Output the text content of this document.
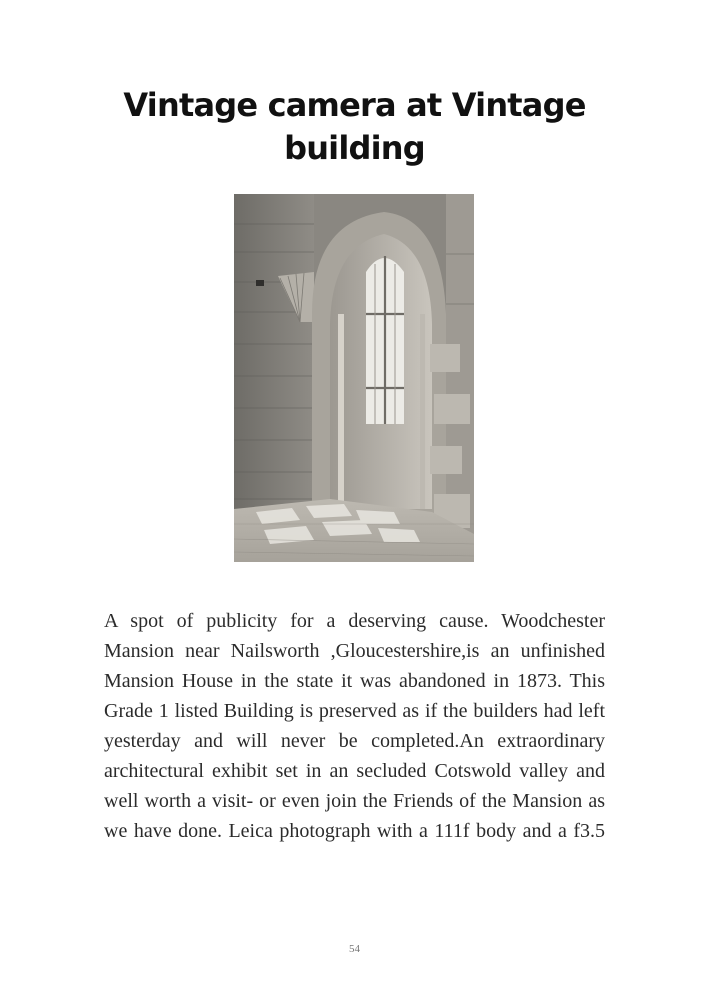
Vintage camera at Vintage building

A spot of publicity for a deserving cause. Woodchester Mansion near Nailsworth ,Gloucestershire,is an unfinished Mansion House in the state it was abandoned in 1873. This Grade 1 listed Building is preserved as if the builders had left yesterday and will never be completed.An extraordinary architectural exhibit set in an secluded Cotswold valley and well worth a visit- or even join the Friends of the Mansion as we have done. Leica photograph with a 111f body and a f3.5

54
